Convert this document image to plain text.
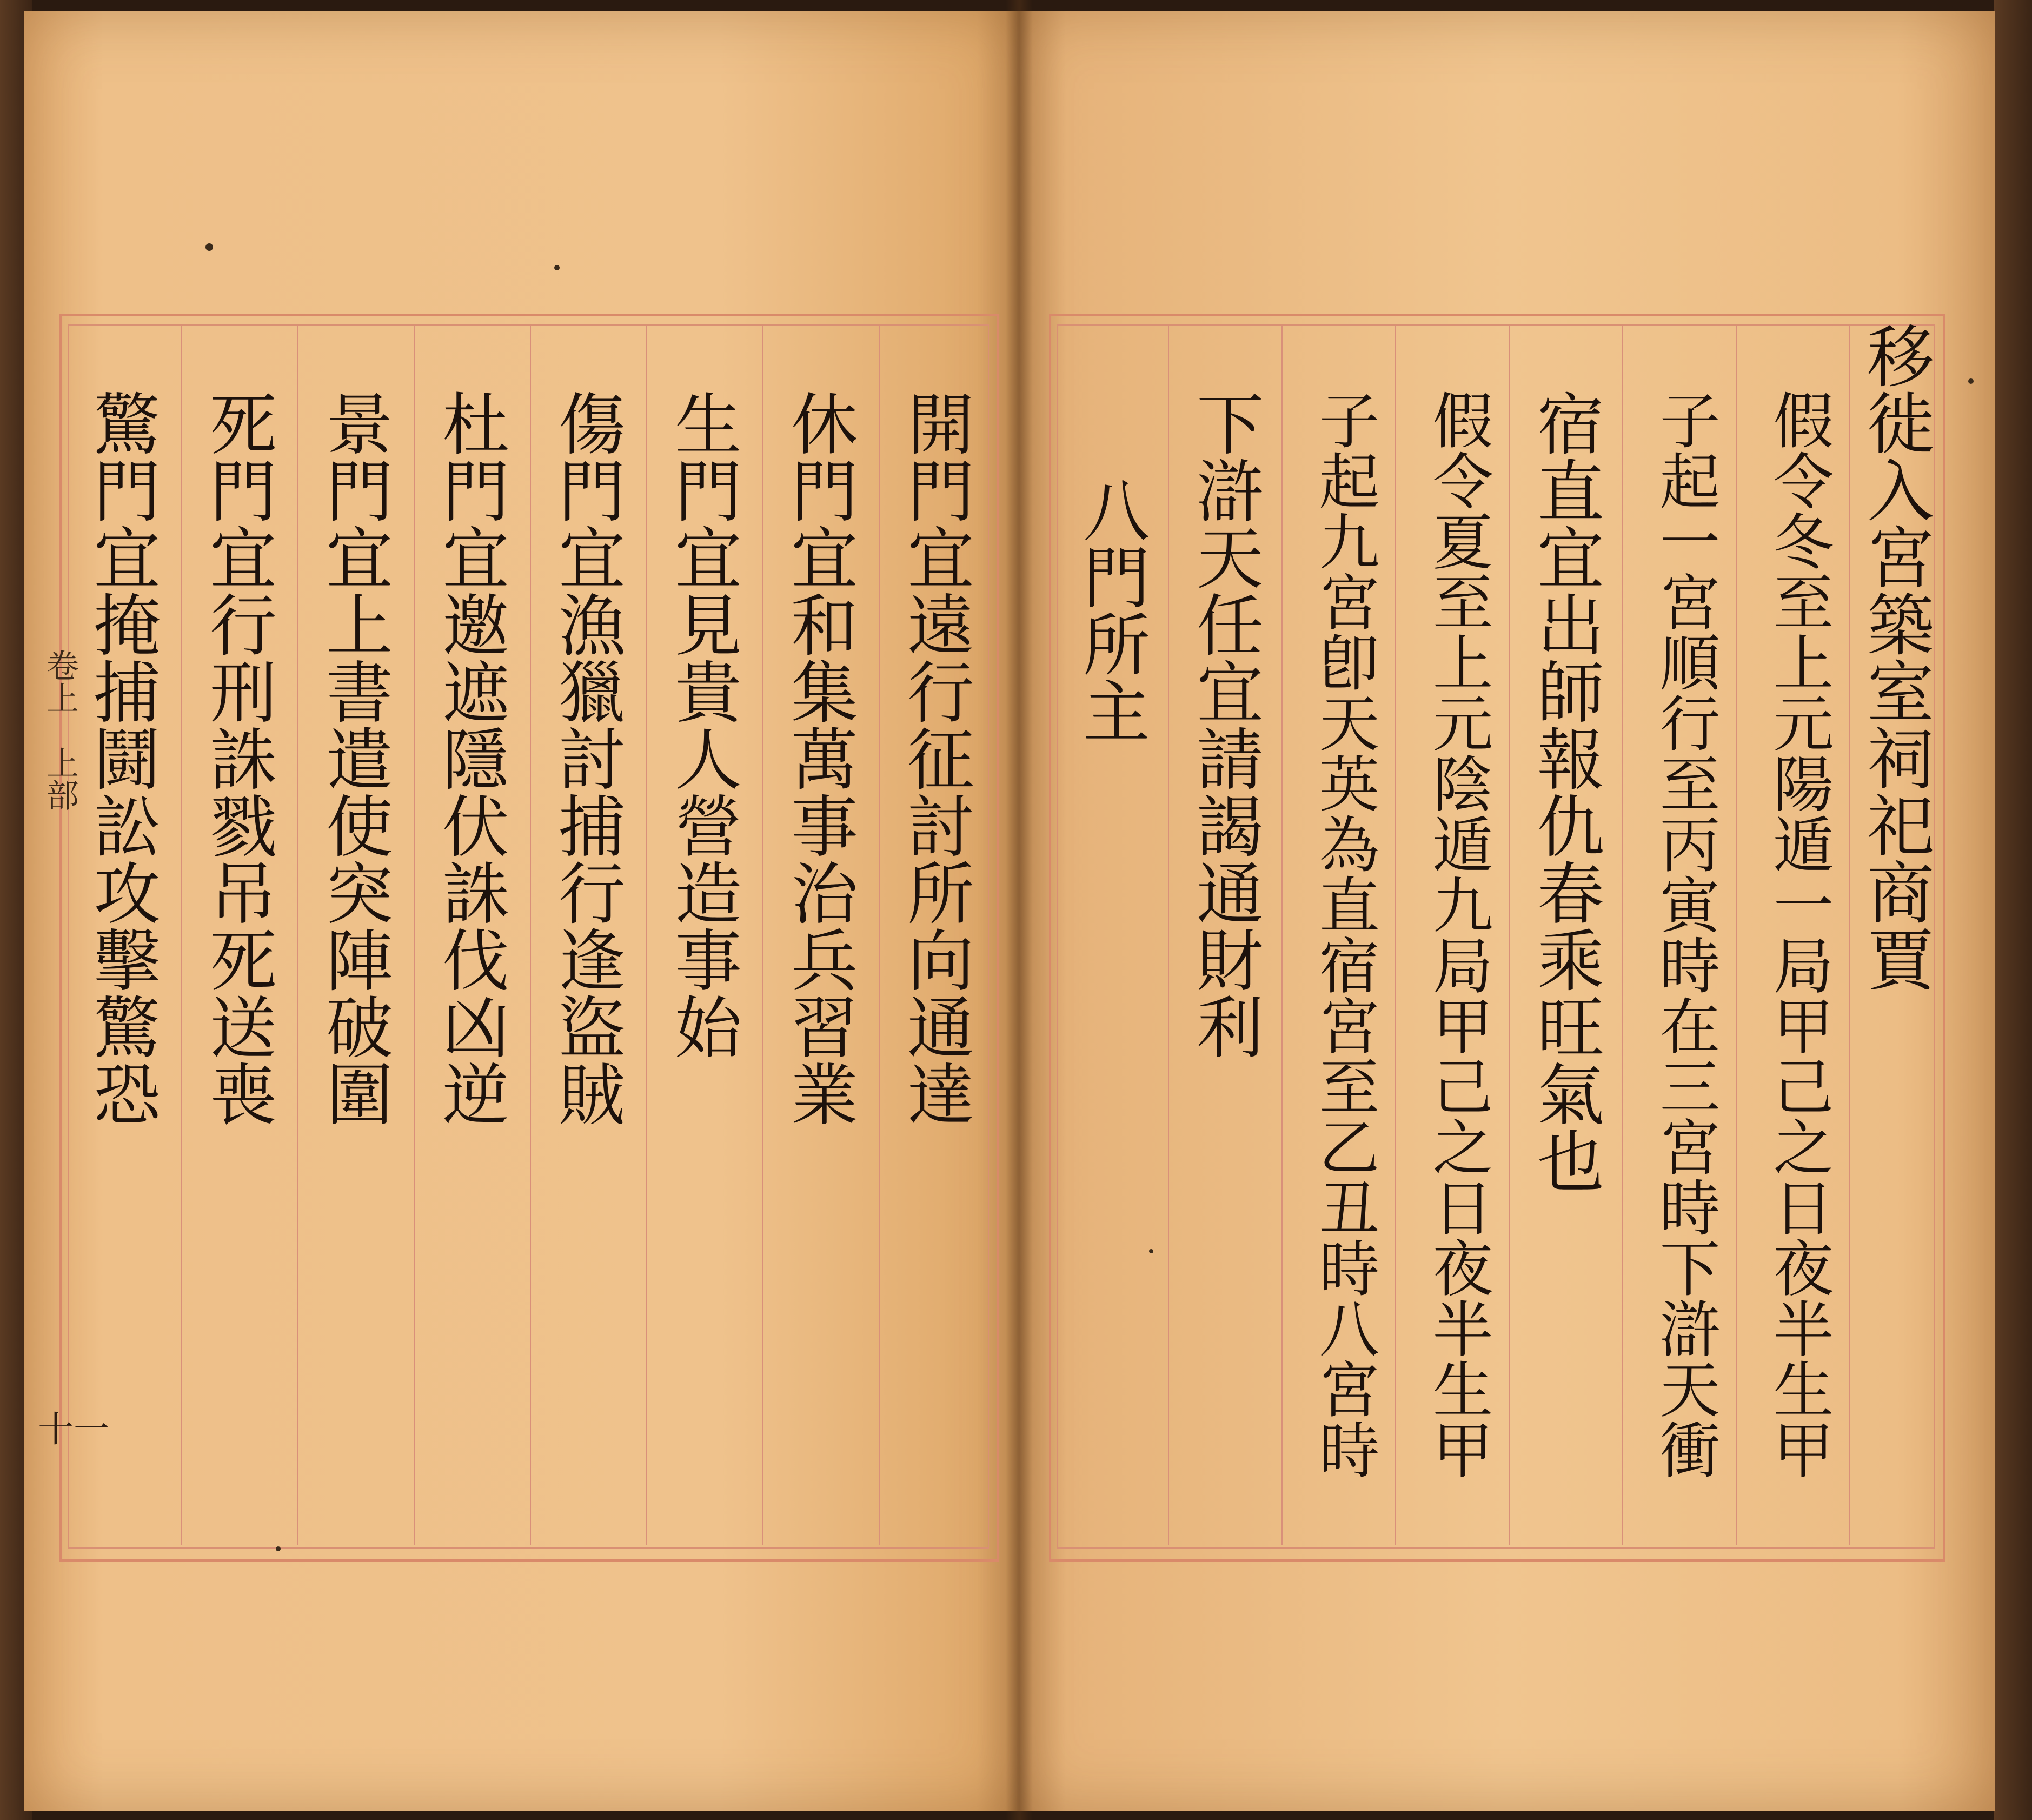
開門宜遠行征討所向通達
休門宜和集萬事治兵習業
生門宜見貴人營造事始
傷門宜漁獵討捕行逢盜賊
杜門宜邀遮隱伏誅伐凶逆
景門宜上書遣使突陣破圍
死門宜行刑誅戮吊死送喪
驚門宜掩捕鬪訟攻擊驚恐
卷上　上部
十一
移徙入宮築室祠祀商賈
假令冬至上元陽遁一局甲己之日夜半生甲
子起一宮順行至丙寅時在三宮時下滸天衝
宿直宜出師報仇春乘旺氣也
假令夏至上元陰遁九局甲己之日夜半生甲
子起九宮卽天英為直宿宮至乙丑時八宮時
下滸天任宜請謁通財利
八門所主
